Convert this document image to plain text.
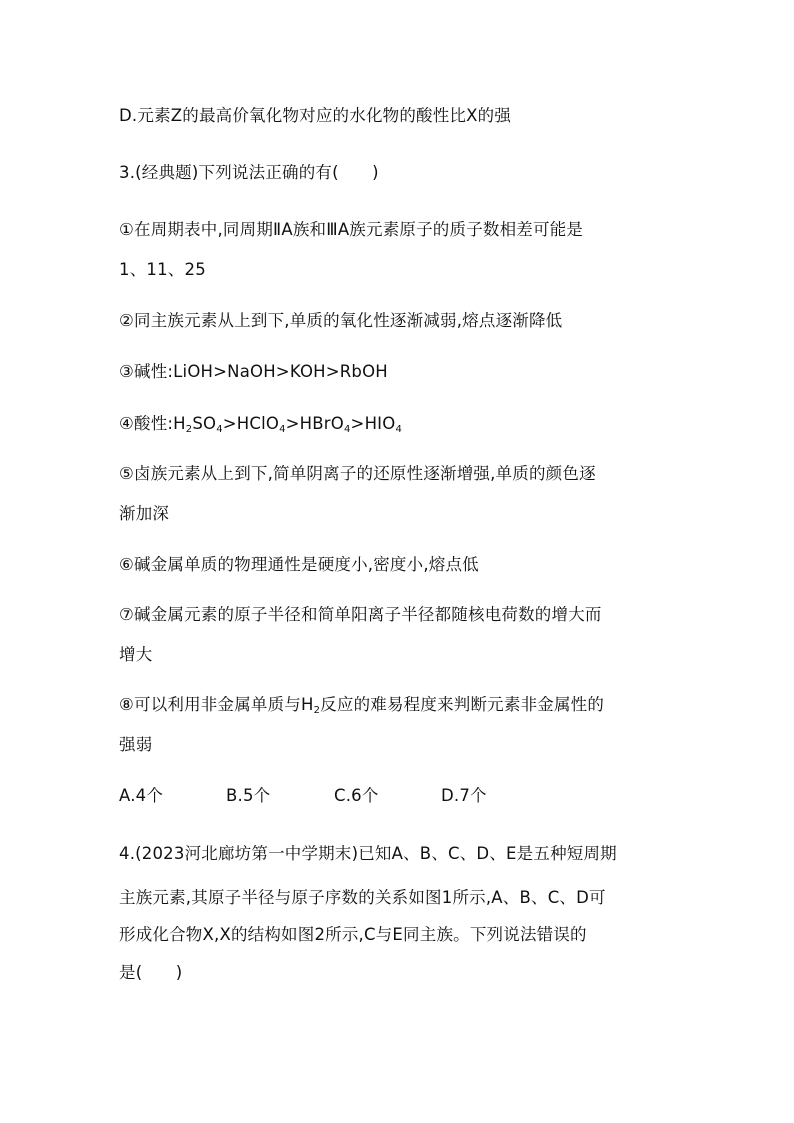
D.元素Z的最高价氧化物对应的水化物的酸性比X的强
3.(经典题)下列说法正确的有(　　)
①在周期表中,同周期ⅡA族和ⅢA族元素原子的质子数相差可能是
1、11、25
②同主族元素从上到下,单质的氧化性逐渐减弱,熔点逐渐降低
③碱性:LiOH>NaOH>KOH>RbOH
④酸性$:H_2SO_4>HClO_4>HBrO_4>HIO_4$
⑤卤族元素从上到下,简单阴离子的还原性逐渐增强,单质的颜色逐
渐加深
⑥碱金属单质的物理通性是硬度小,密度小,熔点低
⑦碱金属元素的原子半径和简单阳离子半径都随核电荷数的增大而
增大
⑧可以利用非金属单质与$H_2$反应的难易程度来判断元素非金属性的
强弱
A.4个	B.5个	C.6个	D.7个
4.(2023河北廊坊第一中学期末)已知A、B、C、D、E是五种短周期
主族元素,其原子半径与原子序数的关系如图1所示,A、B、C、D可
形成化合物X,X的结构如图2所示,C与E同主族。下列说法错误的
是(　　)
